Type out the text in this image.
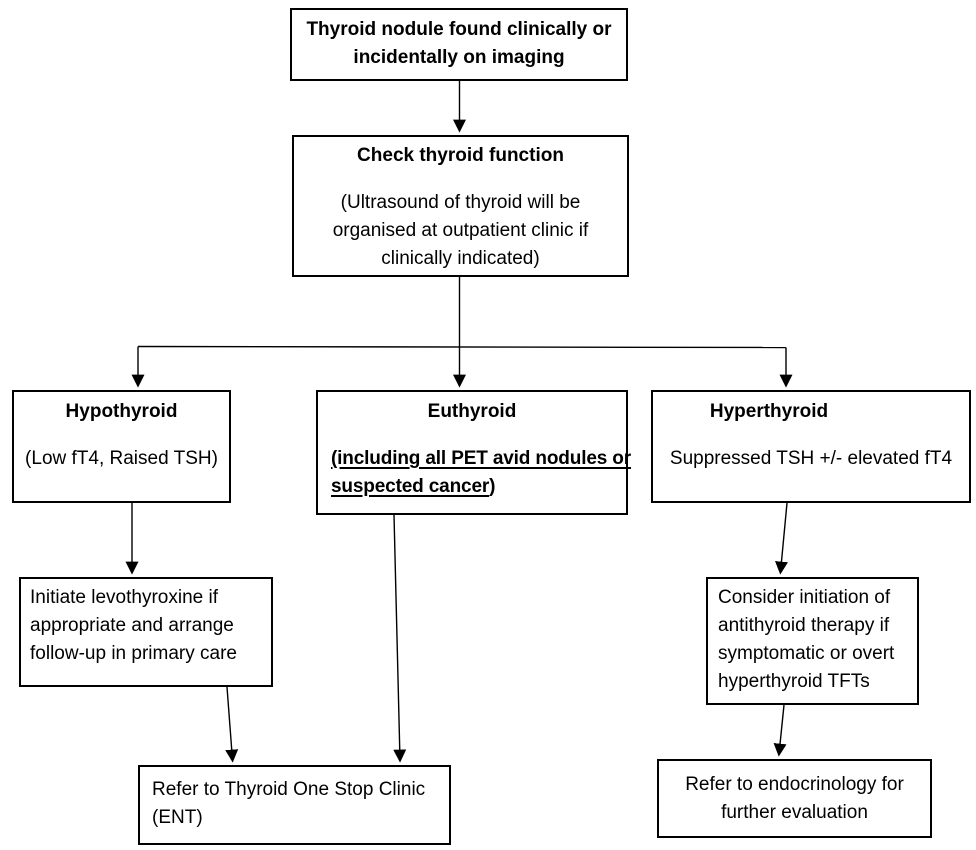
Thyroid nodule found clinically or incidentally on imaging
Check thyroid function
(Ultrasound of thyroid will be organised at outpatient clinic if clinically indicated)
Hypothyroid
(Low fT4, Raised TSH)
Euthyroid
(including all PET avid nodules or
suspected cancer)
Hyperthyroid
Suppressed TSH +/- elevated fT4
Initiate levothyroxine if appropriate and arrange follow-up in primary care
Refer to Thyroid One Stop Clinic (ENT)
Consider initiation of antithyroid therapy if symptomatic or overt hyperthyroid TFTs
Refer to endocrinology for further evaluation
